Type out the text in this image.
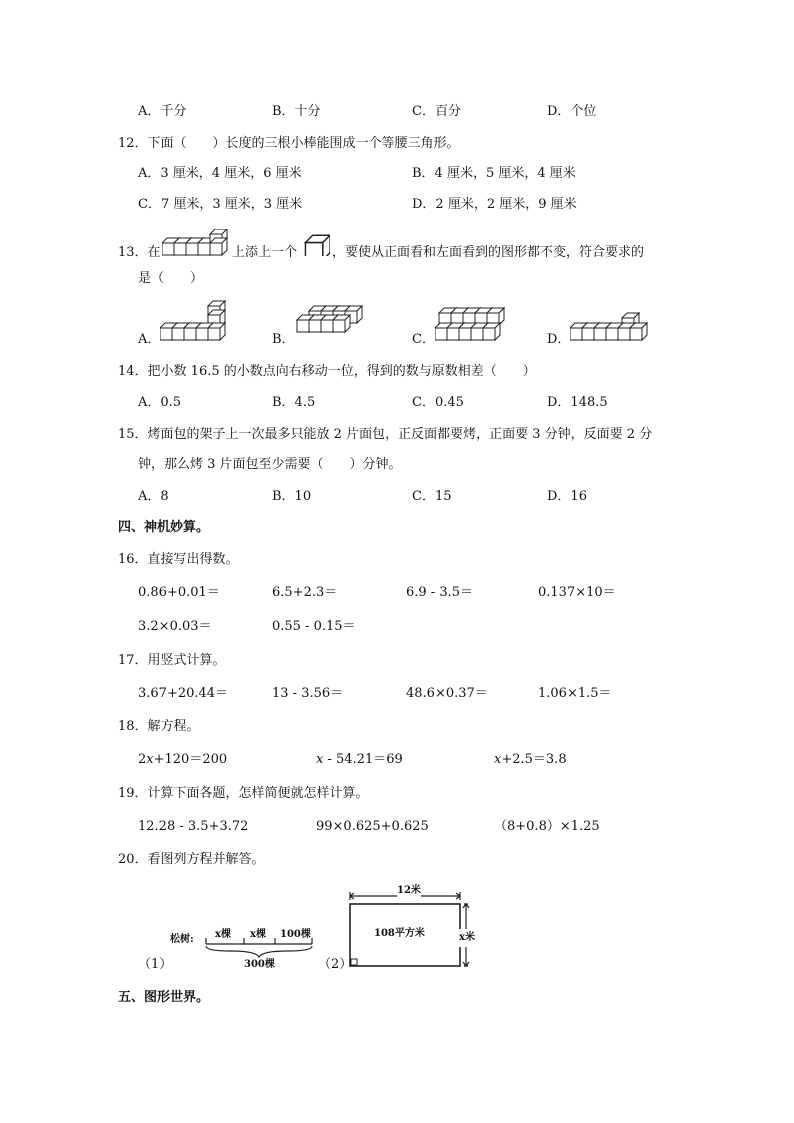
A．千分	B．十分	C．百分	D．个位
12．下面（　　）长度的三根小棒能围成一个等腰三角形。
A．3 厘米，4 厘米，6 厘米	B．4 厘米，5 厘米，4 厘米
C．7 厘米，3 厘米，3 厘米	D．2 厘米，2 厘米，9 厘米
13．在	上添上一个	，要使从正面看和左面看到的图形都不变，符合要求的
是（　　）
A．	B．	C．	D．
14．把小数 16.5 的小数点向右移动一位，得到的数与原数相差（　　）
A．0.5	B．4.5	C．0.45	D．148.5
15．烤面包的架子上一次最多只能放 2 片面包，正反面都要烤，正面要 3 分钟，反面要 2 分
钟，那么烤 3 片面包至少需要（　　）分钟。
A．8	B．10	C．15	D．16
四、神机妙算。
16．直接写出得数。
0.86+0.01＝	6.5+2.3＝	6.9 - 3.5＝	0.137×10＝
3.2×0.03＝	0.55 - 0.15＝
17．用竖式计算。
3.67+20.44＝	13 - 3.56＝	48.6×0.37＝	1.06×1.5＝
18．解方程。
2x+120＝200	x - 54.21＝69	x+2.5＝3.8
19．计算下面各题，怎样简便就怎样计算。
12.28 - 3.5+3.72	99×0.625+0.625	（8+0.8）×1.25
20．看图列方程并解答。
（1）
松树: x棵 x棵 100棵
300棵	（2）
12米
108平方米	x米
五、图形世界。
